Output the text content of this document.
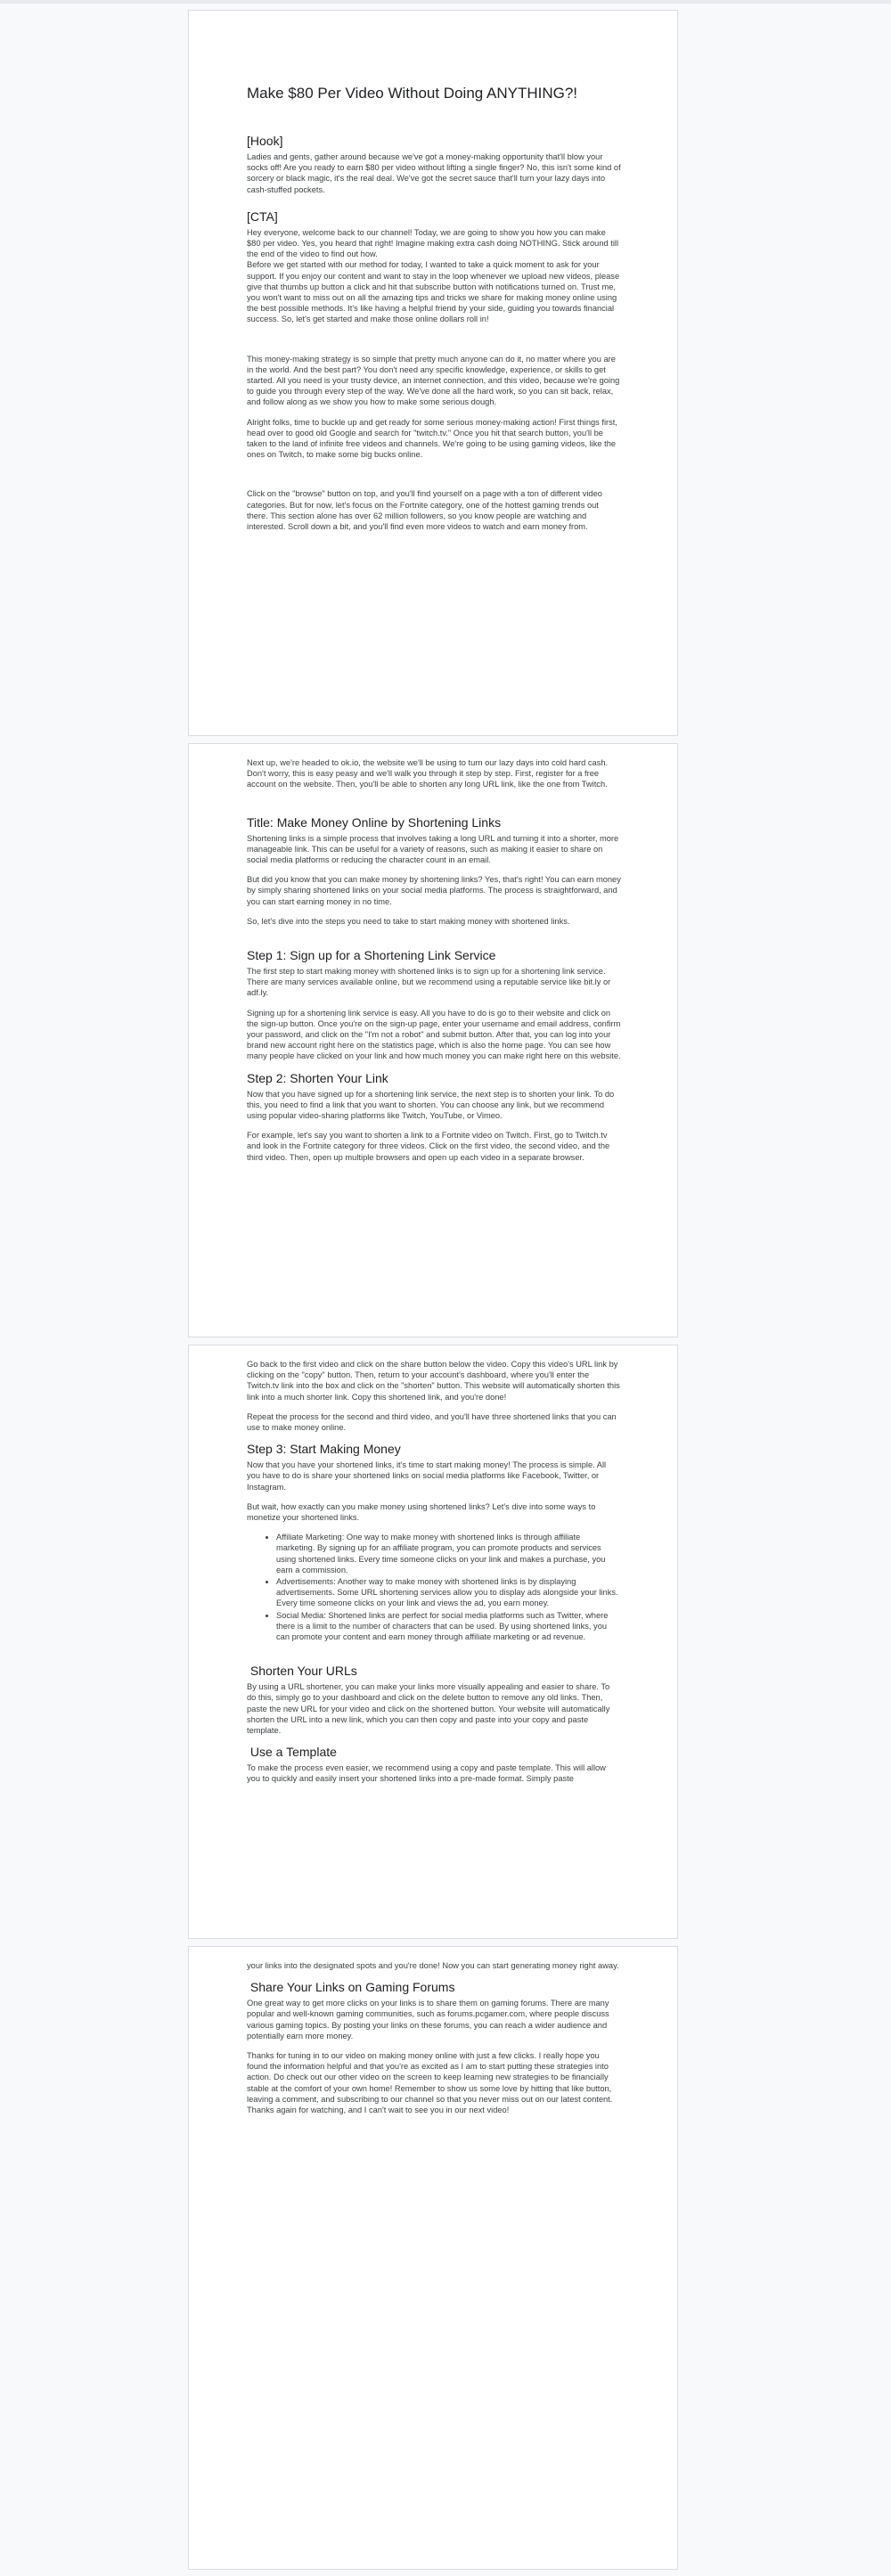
Make $80 Per Video Without Doing ANYTHING?!
[Hook]

Ladies and gents, gather around because we've got a money-making opportunity that'll blow your socks off! Are you ready to earn $80 per video without lifting a single finger? No, this isn't some kind of sorcery or black magic, it's the real deal. We've got the secret sauce that'll turn your lazy days into cash-stuffed pockets.

[CTA]

Hey everyone, welcome back to our channel! Today, we are going to show you how you can make $80 per video. Yes, you heard that right! Imagine making extra cash doing NOTHING. Stick around till the end of the video to find out how.

Before we get started with our method for today, I wanted to take a quick moment to ask for your support. If you enjoy our content and want to stay in the loop whenever we upload new videos, please give that thumbs up button a click and hit that subscribe button with notifications turned on. Trust me, you won't want to miss out on all the amazing tips and tricks we share for making money online using the best possible methods. It's like having a helpful friend by your side, guiding you towards financial success. So, let's get started and make those online dollars roll in!

This money-making strategy is so simple that pretty much anyone can do it, no matter where you are in the world. And the best part? You don't need any specific knowledge, experience, or skills to get started. All you need is your trusty device, an internet connection, and this video, because we're going to guide you through every step of the way. We've done all the hard work, so you can sit back, relax, and follow along as we show you how to make some serious dough.

Alright folks, time to buckle up and get ready for some serious money-making action! First things first, head over to good old Google and search for "twitch.tv." Once you hit that search button, you'll be taken to the land of infinite free videos and channels. We're going to be using gaming videos, like the ones on Twitch, to make some big bucks online.

Click on the "browse" button on top, and you'll find yourself on a page with a ton of different video categories. But for now, let's focus on the Fortnite category, one of the hottest gaming trends out there. This section alone has over 62 million followers, so you know people are watching and interested. Scroll down a bit, and you'll find even more videos to watch and earn money from.

Next up, we're headed to ok.io, the website we'll be using to turn our lazy days into cold hard cash. Don't worry, this is easy peasy and we'll walk you through it step by step. First, register for a free account on the website. Then, you'll be able to shorten any long URL link, like the one from Twitch.

Title: Make Money Online by Shortening Links

Shortening links is a simple process that involves taking a long URL and turning it into a shorter, more manageable link. This can be useful for a variety of reasons, such as making it easier to share on social media platforms or reducing the character count in an email.

But did you know that you can make money by shortening links? Yes, that's right! You can earn money by simply sharing shortened links on your social media platforms. The process is straightforward, and you can start earning money in no time.

So, let's dive into the steps you need to take to start making money with shortened links.

Step 1: Sign up for a Shortening Link Service

The first step to start making money with shortened links is to sign up for a shortening link service. There are many services available online, but we recommend using a reputable service like bit.ly or adf.ly.

Signing up for a shortening link service is easy. All you have to do is go to their website and click on the sign-up button. Once you're on the sign-up page, enter your username and email address, confirm your password, and click on the "I'm not a robot" and submit button. After that, you can log into your brand new account right here on the statistics page, which is also the home page. You can see how many people have clicked on your link and how much money you can make right here on this website.

Step 2: Shorten Your Link

Now that you have signed up for a shortening link service, the next step is to shorten your link. To do this, you need to find a link that you want to shorten. You can choose any link, but we recommend using popular video-sharing platforms like Twitch, YouTube, or Vimeo.

For example, let's say you want to shorten a link to a Fortnite video on Twitch. First, go to Twitch.tv and look in the Fortnite category for three videos. Click on the first video, the second video, and the third video. Then, open up multiple browsers and open up each video in a separate browser.

Go back to the first video and click on the share button below the video. Copy this video's URL link by clicking on the "copy" button. Then, return to your account's dashboard, where you'll enter the Twitch.tv link into the box and click on the "shorten" button. This website will automatically shorten this link into a much shorter link. Copy this shortened link, and you're done!

Repeat the process for the second and third video, and you'll have three shortened links that you can use to make money online.

Step 3: Start Making Money

Now that you have your shortened links, it's time to start making money! The process is simple. All you have to do is share your shortened links on social media platforms like Facebook, Twitter, or Instagram.

But wait, how exactly can you make money using shortened links? Let's dive into some ways to monetize your shortened links.

• Affiliate Marketing: One way to make money with shortened links is through affiliate marketing. By signing up for an affiliate program, you can promote products and services using shortened links. Every time someone clicks on your link and makes a purchase, you earn a commission.
• Advertisements: Another way to make money with shortened links is by displaying advertisements. Some URL shortening services allow you to display ads alongside your links. Every time someone clicks on your link and views the ad, you earn money.
• Social Media: Shortened links are perfect for social media platforms such as Twitter, where there is a limit to the number of characters that can be used. By using shortened links, you can promote your content and earn money through affiliate marketing or ad revenue.
Shorten Your URLs

By using a URL shortener, you can make your links more visually appealing and easier to share. To do this, simply go to your dashboard and click on the delete button to remove any old links. Then, paste the new URL for your video and click on the shortened button. Your website will automatically shorten the URL into a new link, which you can then copy and paste into your copy and paste template.

Use a Template

To make the process even easier, we recommend using a copy and paste template. This will allow you to quickly and easily insert your shortened links into a pre-made format. Simply paste

your links into the designated spots and you're done! Now you can start generating money right away.

Share Your Links on Gaming Forums

One great way to get more clicks on your links is to share them on gaming forums. There are many popular and well-known gaming communities, such as forums.pcgamer.com, where people discuss various gaming topics. By posting your links on these forums, you can reach a wider audience and potentially earn more money.

Thanks for tuning in to our video on making money online with just a few clicks. I really hope you found the information helpful and that you're as excited as I am to start putting these strategies into action. Do check out our other video on the screen to keep learning new strategies to be financially stable at the comfort of your own home! Remember to show us some love by hitting that like button, leaving a comment, and subscribing to our channel so that you never miss out on our latest content. Thanks again for watching, and I can't wait to see you in our next video!
